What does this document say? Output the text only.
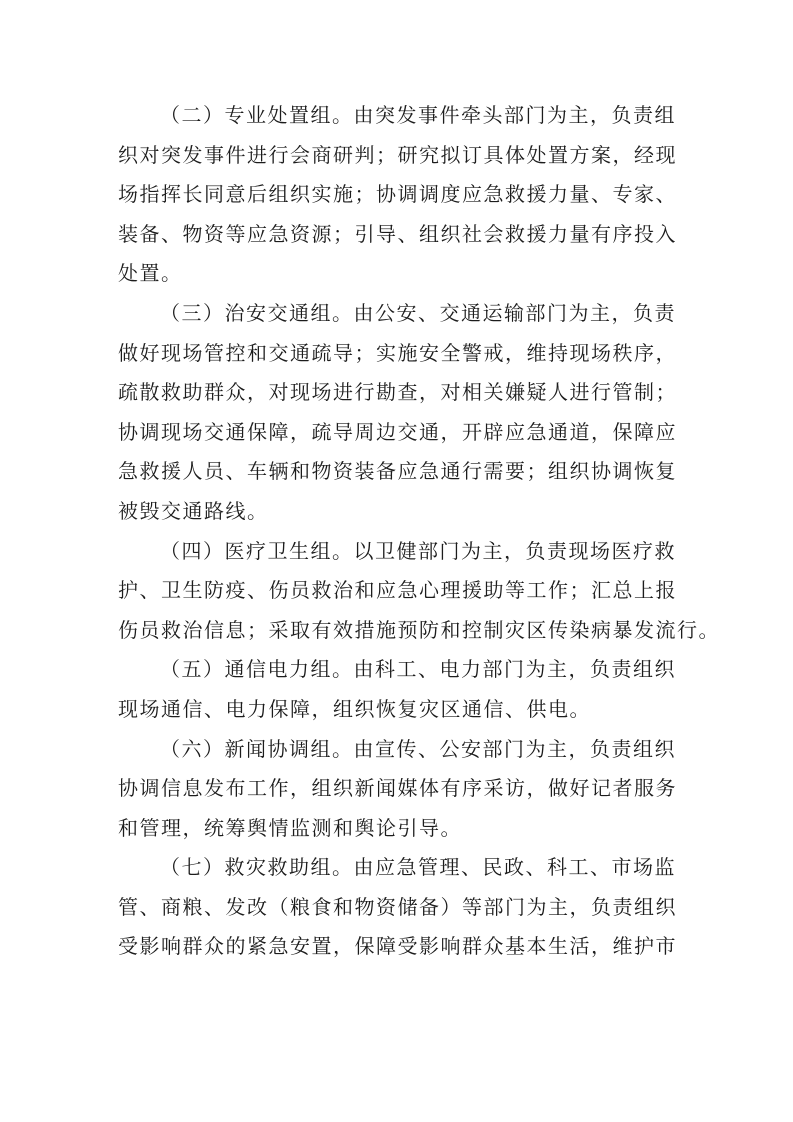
（二）专业处置组。由突发事件牵头部门为主，负责组
织对突发事件进行会商研判；研究拟订具体处置方案，经现
场指挥长同意后组织实施；协调调度应急救援力量、专家、
装备、物资等应急资源；引导、组织社会救援力量有序投入
处置。
（三）治安交通组。由公安、交通运输部门为主，负责
做好现场管控和交通疏导；实施安全警戒，维持现场秩序，
疏散救助群众，对现场进行勘查，对相关嫌疑人进行管制；
协调现场交通保障，疏导周边交通，开辟应急通道，保障应
急救援人员、车辆和物资装备应急通行需要；组织协调恢复
被毁交通路线。
（四）医疗卫生组。以卫健部门为主，负责现场医疗救
护、卫生防疫、伤员救治和应急心理援助等工作；汇总上报
伤员救治信息；采取有效措施预防和控制灾区传染病暴发流行。
（五）通信电力组。由科工、电力部门为主，负责组织
现场通信、电力保障，组织恢复灾区通信、供电。
（六）新闻协调组。由宣传、公安部门为主，负责组织
协调信息发布工作，组织新闻媒体有序采访，做好记者服务
和管理，统筹舆情监测和舆论引导。
（七）救灾救助组。由应急管理、民政、科工、市场监
管、商粮、发改（粮食和物资储备）等部门为主，负责组织
受影响群众的紧急安置，保障受影响群众基本生活，维护市
